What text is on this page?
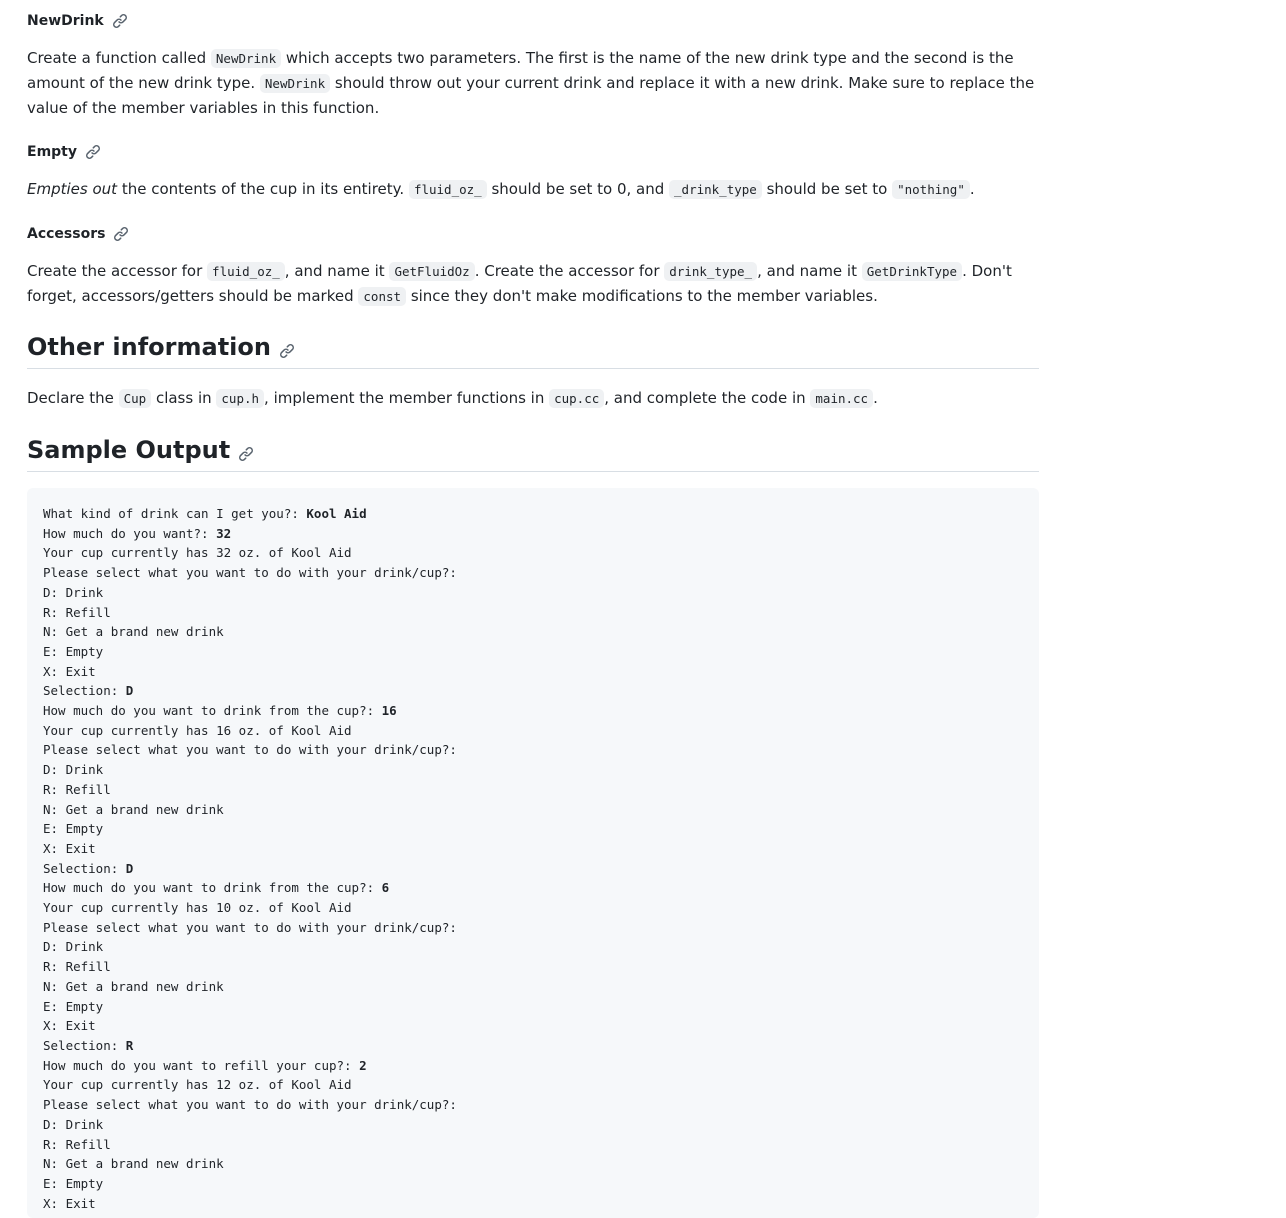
NewDrink

Create a function called NewDrink which accepts two parameters. The first is the name of the new drink type and the second is the amount of the new drink type. NewDrink should throw out your current drink and replace it with a new drink. Make sure to replace the value of the member variables in this function.

Empty

Empties out the contents of the cup in its entirety. fluid_oz_ should be set to 0, and _drink_type should be set to "nothing" .

Accessors

Create the accessor for fluid_oz_ , and name it GetFluidOz . Create the accessor for drink_type_ , and name it GetDrinkType . Don't forget, accessors/getters should be marked const since they don't make modifications to the member variables.

Other information

Declare the Cup class in cup.h , implement the member functions in cup.cc , and complete the code in main.cc .

Sample Output
What kind of drink can I get you?: Kool Aid
How much do you want?: 32
Your cup currently has 32 oz. of Kool Aid
Please select what you want to do with your drink/cup?:
D: Drink
R: Refill
N: Get a brand new drink
E: Empty
X: Exit
Selection: D
How much do you want to drink from the cup?: 16
Your cup currently has 16 oz. of Kool Aid
Please select what you want to do with your drink/cup?:
D: Drink
R: Refill
N: Get a brand new drink
E: Empty
X: Exit
Selection: D
How much do you want to drink from the cup?: 6
Your cup currently has 10 oz. of Kool Aid
Please select what you want to do with your drink/cup?:
D: Drink
R: Refill
N: Get a brand new drink
E: Empty
X: Exit
Selection: R
How much do you want to refill your cup?: 2
Your cup currently has 12 oz. of Kool Aid
Please select what you want to do with your drink/cup?:
D: Drink
R: Refill
N: Get a brand new drink
E: Empty
X: Exit
